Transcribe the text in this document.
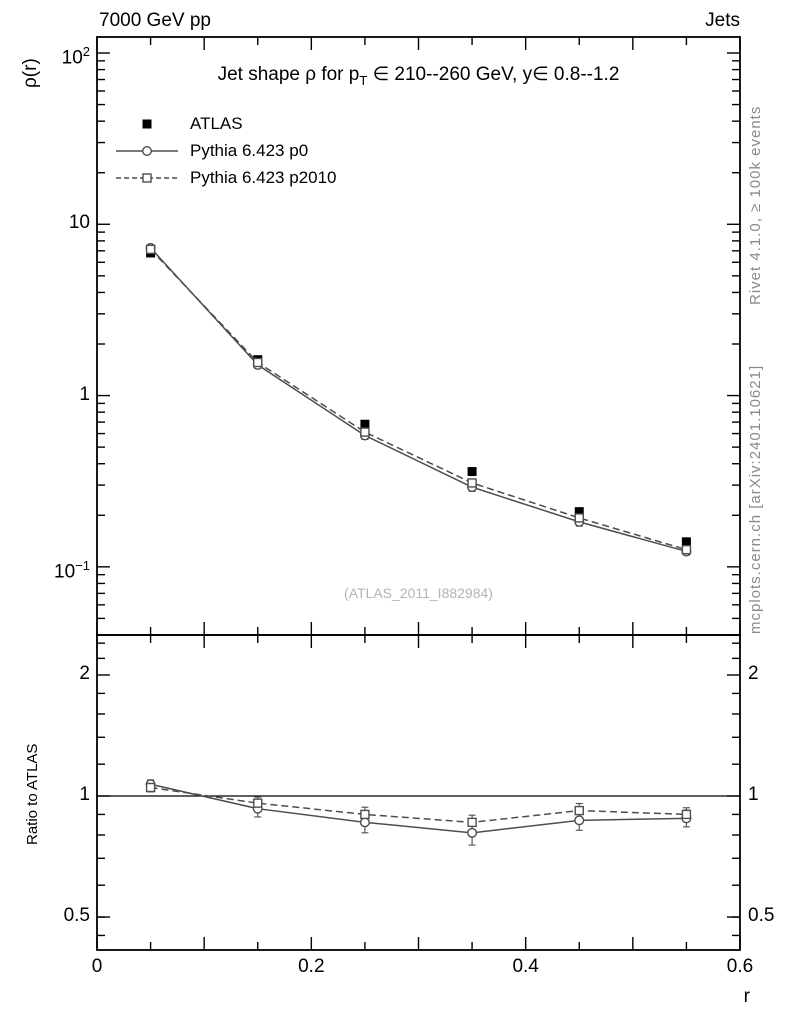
7000 GeV pp	Jets
ρ(r)	Jet shape ρ for $p_T$ ∈ 210--260 GeV, y∈ 0.8--1.2
ATLAS
Pythia 6.423 p0
Pythia 6.423 p2010
(ATLAS_2011_I882984)
Rivet 4.1.0, ≥ 100k events
mcplots.cern.ch [arXiv:2401.10621]
Ratio to ATLAS
r
$10^2$
10
1
$10^{-1}$
2	2
1	1
0.5	0.5
0	0.2	0.4	0.6
